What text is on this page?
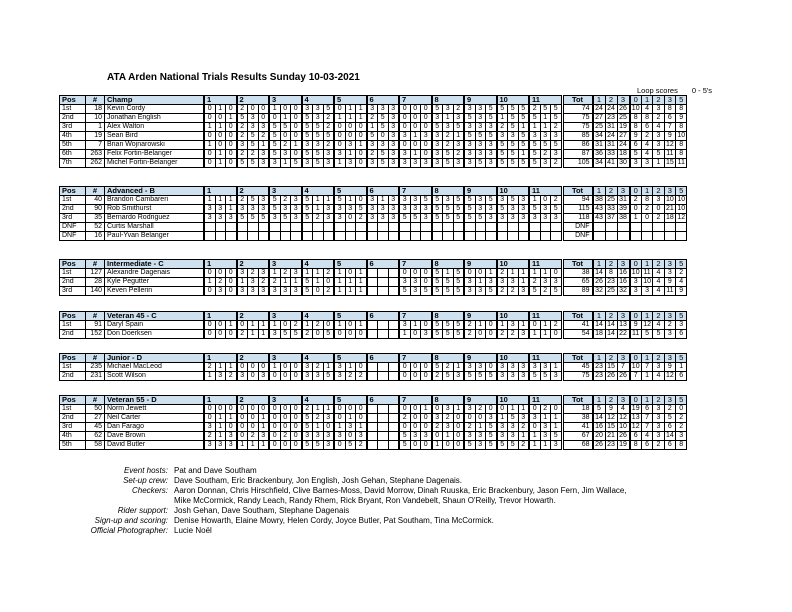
ATA Arden National Trials Results Sunday 10-03-2021
Loop scores 0 - 5's
Pos	#	Champ		1			2			3			4			5			6			7			8			9			10			11				Tot		1	2	3		0	1	2	3	5
1st	18	Kevin Cordy		0	1	0		2	0	0		1	0	0		3	3	5		0	1	1		3	3	3		0	0	0		5	3	2		3	3	5		5	5	5		2	5	5		74		24	24	26		10	4	3	8	8
2nd	10	Jonathan English		0	0	1		5	3	0		0	1	0		5	3	2		1	1	1		2	5	3		0	0	0		3	1	3		5	3	5		1	5	5		5	1	5		75		27	23	25		8	8	2	6	9
3rd	1	Alex Walton		1	1	0		2	3	3		5	5	0		5	5	2		0	0	0		1	5	3		0	0	0		5	3	5		3	3	3		2	5	1		1	1	2		75		25	31	19		8	6	4	7	8
4th	19	Sean Bird		0	0	0		2	5	2		5	0	0		5	5	5		0	0	0		5	0	3		3	1	3		3	2	1		5	5	5		3	3	5		3	3	3		85		34	24	27		9	2	3	9	10
5th	7	Brian Wojnarowski		1	0	0		3	5	1		5	2	1		3	3	2		0	3	1		3	3	3		0	0	0		3	2	3		3	3	3		5	5	5		5	5	5		86		31	31	24		6	4	3	12	8
6th	263	Felix Fortin-Belanger		0	1	0		2	2	3		5	3	0		5	5	3		3	1	0		2	5	3		3	1	0		3	5	2		3	3	3		5	5	1		5	2	3		87		36	33	18		5	4	5	11	8
7th	262	Michel Fortin-Belanger		0	1	0		5	5	3		3	1	5		3	5	3		1	3	0		3	5	3		3	3	3		3	5	3		3	5	3		5	5	5		5	3	2		105		34	41	30		3	3	1	15	11
Pos	#	Advanced - B		1			2			3			4			5			6			7			8			9			10			11				Tot		1	2	3		0	1	2	3	5
1st	40	Brandon Cambareri		1	1	1		2	5	3		5	2	3		5	1	1		5	1	0		3	1	3		3	3	5		5	3	5		5	3	5		3	5	3		1	0	2		94		38	25	31		2	8	3	10	10
2nd	90	Rob Smithurst		3	3	1		3	3	3		5	3	3		5	1	3		3	3	5		3	3	3		3	3	3		5	5	5		5	3	3		5	3	3		5	3	5		115		43	33	39		0	2	0	21	10
3rd	35	Bernardo Rodriguez		3	3	3		5	5	5		3	5	3		5	2	3		3	0	2		3	3	3		5	5	3		5	5	5		5	5	3		3	3	3		3	3	3		118		43	37	38		1	0	2	18	12
DNF	52	Curtis Marshall																																														DNF										
DNF	16	Paul-Yvan Belanger																																														DNF										
Pos	#	Intermediate - C		1			2			3			4			5			6			7			8			9			10			11				Tot		1	2	3		0	1	2	3	5
1st	127	Alexandre Dagenais		0	0	0		3	2	3		1	2	3		1	1	2		1	0	1						0	0	0		5	1	5		0	0	1		2	1	1		1	1	0		38		14	8	16		10	11	4	3	2
2nd	28	Kyle Pegutter		1	2	0		1	3	2		2	1	1		5	1	0		1	1	1						3	3	0		5	5	5		3	1	3		3	3	1		2	3	3		65		26	23	16		3	10	4	9	4
3rd	140	Keven Pellerin		0	3	0		3	3	3		3	3	3		5	0	2		1	1	1						5	3	5		5	5	5		3	3	5		2	2	3		5	2	5		89		32	25	32		3	3	4	11	9
Pos	#	Veteran 45 - C		1			2			3			4			5			6			7			8			9			10			11				Tot		1	2	3		0	1	2	3	5
1st	91	Daryl Spain		0	0	1		0	1	1		1	0	2		1	2	0		1	0	1						3	1	0		5	5	5		2	1	0		1	3	1		0	1	2		41		14	14	13		9	12	4	2	3
2nd	152	Don Doerksen		0	0	0		2	1	1		3	5	5		2	0	5		0	0	0						1	0	3		5	5	5		2	0	0		2	2	3		1	1	0		54		18	14	22		11	5	5	3	6
Pos	#	Junior - D		1			2			3			4			5			6			7			8			9			10			11				Tot		1	2	3		0	1	2	3	5
1st	235	Michael MacLeod		2	1	1		0	0	0		1	0	0		3	2	1		3	1	0						0	0	0		5	2	1		3	3	0		3	3	3		3	3	1		45		23	15	7		10	7	3	9	1
2nd	231	Scott Wilson		1	3	2		3	0	3		0	0	0		3	3	5		3	2	2						0	0	0		2	5	3		5	5	5		3	3	3		5	5	3		75		23	26	26		7	1	4	12	6
Pos	#	Veteran 55 - D		1			2			3			4			5			6			7			8			9			10			11				Tot		1	2	3		0	1	2	3	5
1st	50	Norm Jewett		0	0	0		0	0	0		0	0	0		2	1	1		0	0	0						0	0	1		0	3	1		3	2	0		0	1	1		0	2	0		18		5	9	4		19	6	3	2	0
2nd	27	Neil Carter		0	1	1		0	0	1		0	0	0		5	2	3		0	1	0						2	0	0		3	2	0		0	0	3		1	5	3		3	1	1		38		14	12	12		13	7	3	5	2
3rd	45	Dan Farago		3	1	0		0	0	1		0	0	0		5	1	0		1	3	1						0	0	0		2	3	0		2	1	5		3	3	2		0	3	1		41		16	15	10		12	7	3	6	2
4th	62	Dave Brown		2	1	3		0	2	3		0	2	0		3	3	3		3	0	3						5	3	3		0	1	0		3	3	5		3	3	1		1	3	5		67		20	21	26		6	4	3	14	3
5th	58	David Butler		3	3	3		1	1	1		0	0	0		5	5	3		0	5	2						5	0	0		1	0	0		5	3	5		5	5	2		1	1	3		68		26	23	19		8	6	2	6	8
Event hosts: Pat and Dave Southam
Set-up crew: Dave Southam, Eric Brackenbury, Jon English, Josh Gehan, Stephane Dagenais.
Checkers: Aaron Donnan, Chris Hirschfield, Clive Barnes-Moss, David Morrow, Dinah Ruuska, Eric Brackenbury, Jason Fern, Jim Wallace,
Mike McCormick, Randy Leach, Randy Rhem, Rick Bryant, Ron Vandebelt, Shaun O'Reilly, Trevor Howarth.
Rider support: Josh Gehan, Dave Southam, Stephane Dagenais
Sign-up and scoring: Denise Howarth, Elaine Mowry, Helen Cordy, Joyce Butler, Pat Southam, Tina McCormick.
Official Photographer: Lucie Noël
